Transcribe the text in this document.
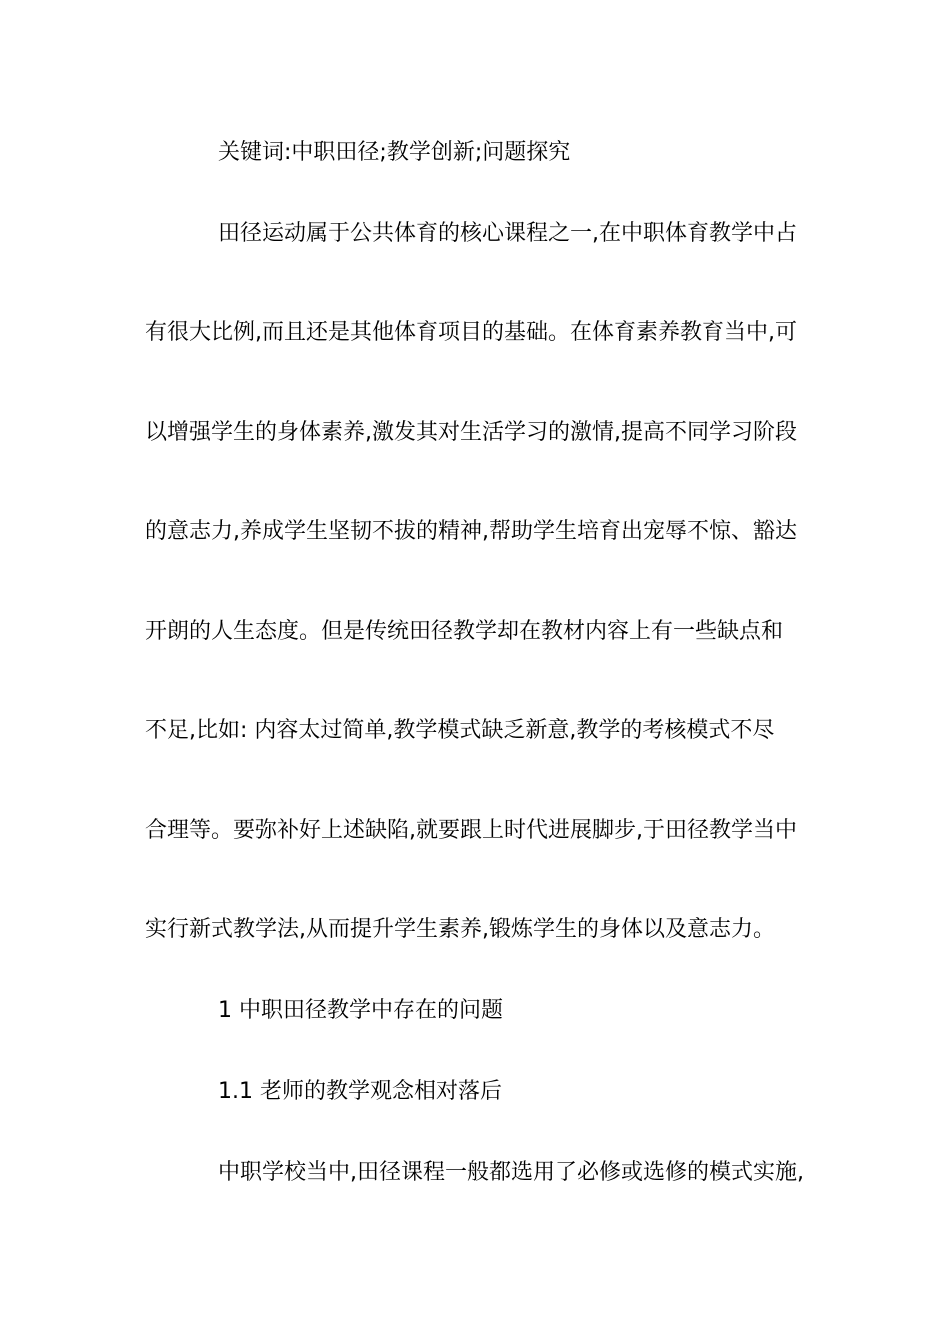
关键词:中职田径;教学创新;问题探究
田径运动属于公共体育的核心课程之一,在中职体育教学中占
有很大比例,而且还是其他体育项目的基础。在体育素养教育当中,可
以增强学生的身体素养,激发其对生活学习的激情,提高不同学习阶段
的意志力,养成学生坚韧不拔的精神,帮助学生培育出宠辱不惊、豁达
开朗的人生态度。但是传统田径教学却在教材内容上有一些缺点和
不足,比如: 内容太过简单,教学模式缺乏新意,教学的考核模式不尽
合理等。要弥补好上述缺陷,就要跟上时代进展脚步,于田径教学当中
实行新式教学法,从而提升学生素养,锻炼学生的身体以及意志力。
1 中职田径教学中存在的问题
1.1 老师的教学观念相对落后
中职学校当中,田径课程一般都选用了必修或选修的模式实施,
